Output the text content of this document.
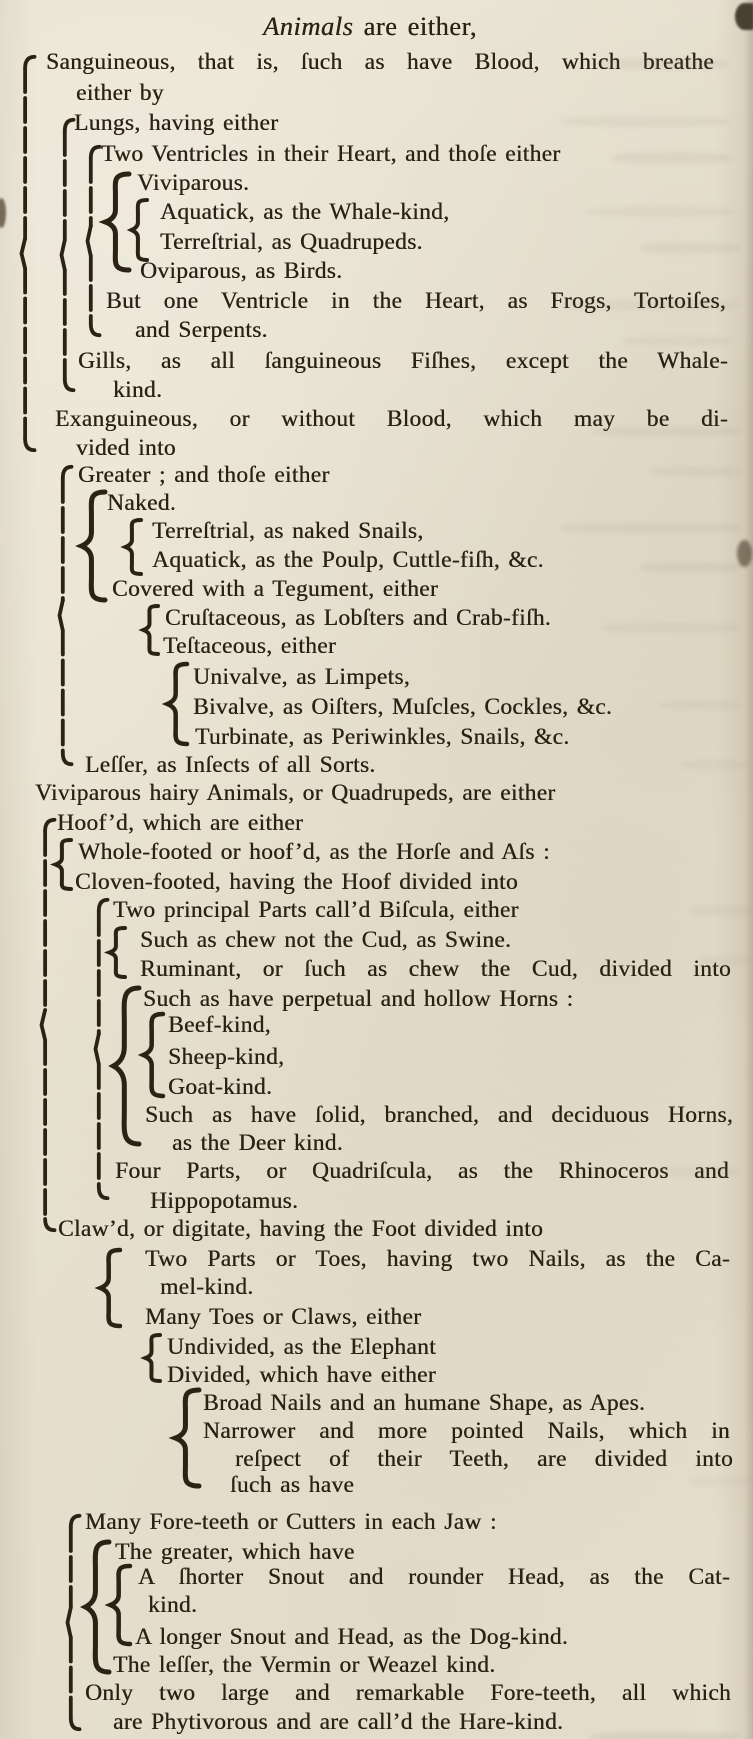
Animals are either,
Sanguineous, that is, ſuch as have Blood, which breathe
either by
Lungs, having either
Two Ventricles in their Heart, and thoſe either
Viviparous.
Aquatick, as the Whale-kind,
Terreſtrial, as Quadrupeds.
Oviparous, as Birds.
But one Ventricle in the Heart, as Frogs, Tortoiſes,
and Serpents.
Gills, as all ſanguineous Fiſhes, except the Whale-
kind.
Exanguineous, or without Blood, which may be di-
vided into
Greater ; and thoſe either
Naked.
Terreſtrial, as naked Snails,
Aquatick, as the Poulp, Cuttle-fiſh, &c.
Covered with a Tegument, either
Cruſtaceous, as Lobſters and Crab-fiſh.
Teſtaceous, either
Univalve, as Limpets,
Bivalve, as Oiſters, Muſcles, Cockles, &c.
Turbinate, as Periwinkles, Snails, &c.
Leſſer, as Inſects of all Sorts.
Viviparous hairy Animals, or Quadrupeds, are either
Hoof’d, which are either
Whole-footed or hoof’d, as the Horſe and Aſs :
Cloven-footed, having the Hoof divided into
Two principal Parts call’d Biſcula, either
Such as chew not the Cud, as Swine.
Ruminant, or ſuch as chew the Cud, divided into
Such as have perpetual and hollow Horns :
Beef-kind,
Sheep-kind,
Goat-kind.
Such as have ſolid, branched, and deciduous Horns,
as the Deer kind.
Four Parts, or Quadriſcula, as the Rhinoceros and
Hippopotamus.
Claw’d, or digitate, having the Foot divided into
Two Parts or Toes, having two Nails, as the Ca-
mel-kind.
Many Toes or Claws, either
Undivided, as the Elephant
Divided, which have either
Broad Nails and an humane Shape, as Apes.
Narrower and more pointed Nails, which in
reſpect of their Teeth, are divided into
ſuch as have
Many Fore-teeth or Cutters in each Jaw :
The greater, which have
A ſhorter Snout and rounder Head, as the Cat-
kind.
A longer Snout and Head, as the Dog-kind.
The leſſer, the Vermin or Weazel kind.
Only two large and remarkable Fore-teeth, all which
are Phytivorous and are call’d the Hare-kind.
